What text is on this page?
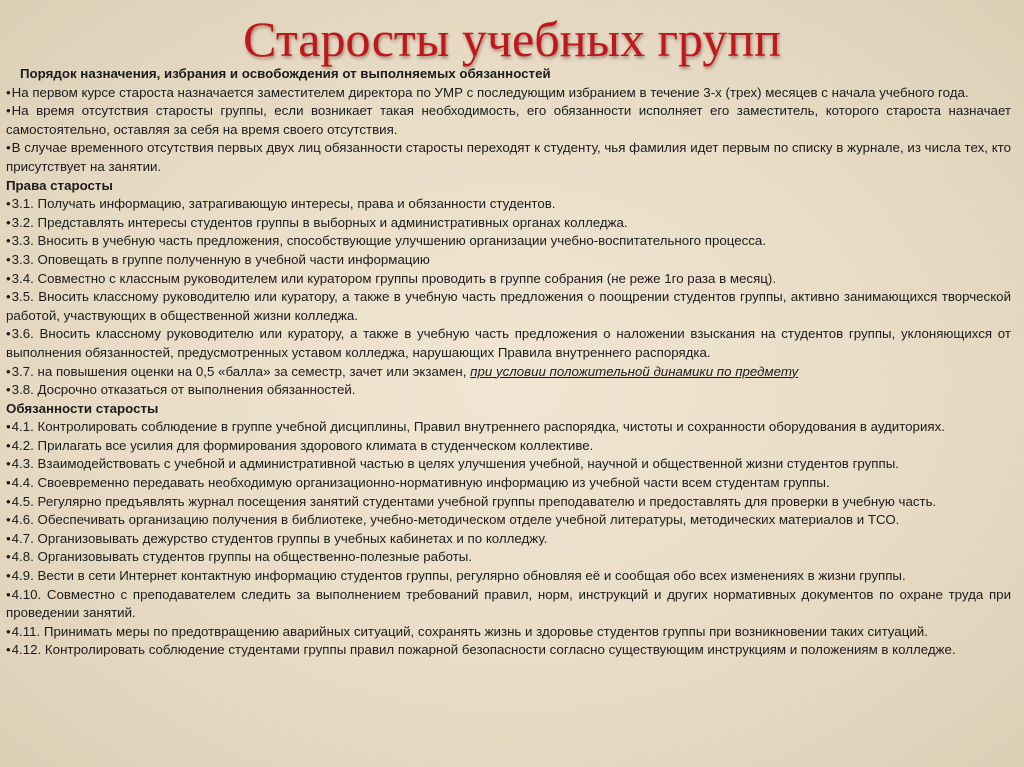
Старосты учебных групп

Порядок назначения, избрания и освобождения от выполняемых обязанностей

•На первом курсе староста назначается заместителем директора по УМР с последующим избранием в течение 3-х (трех) месяцев с начала учебного года.

•На время отсутствия старосты группы, если возникает такая необходимость, его обязанности исполняет его заместитель, которого староста назначает самостоятельно, оставляя за себя на время своего отсутствия.

•В случае временного отсутствия первых двух лиц обязанности старосты переходят к студенту, чья фамилия идет первым по списку в журнале, из числа тех, кто присутствует на занятии.

Права старосты

•3.1. Получать информацию, затрагивающую интересы, права и обязанности студентов.

•3.2. Представлять интересы студентов группы в выборных и административных органах колледжа.

•3.3. Вносить в учебную часть предложения, способствующие улучшению организации учебно-воспитательного процесса.

•3.3. Оповещать в группе полученную в учебной части информацию

•3.4. Совместно с классным руководителем или куратором группы проводить в группе собрания (не реже 1го раза в месяц).

•3.5. Вносить классному руководителю или куратору, а также в учебную часть предложения о поощрении студентов группы, активно занимающихся творческой работой, участвующих в общественной жизни колледжа.

•3.6. Вносить классному руководителю или куратору, а также в учебную часть предложения о наложении взыскания на студентов группы, уклоняющихся от выполнения обязанностей, предусмотренных уставом колледжа, нарушающих Правила внутреннего распорядка.

•3.7. на повышения оценки на 0,5 «балла» за семестр, зачет или экзамен, при условии положительной динамики по предмету

•3.8. Досрочно отказаться от выполнения обязанностей.

Обязанности старосты

•4.1. Контролировать соблюдение в группе учебной дисциплины, Правил внутреннего распорядка, чистоты и сохранности оборудования в аудиториях.

•4.2. Прилагать все усилия для формирования здорового климата в студенческом коллективе.

•4.3. Взаимодействовать с учебной и административной частью в целях улучшения учебной, научной и общественной жизни студентов группы.

•4.4. Своевременно передавать необходимую организационно-нормативную информацию из учебной части всем студентам группы.

•4.5. Регулярно предъявлять журнал посещения занятий студентами учебной группы преподавателю и предоставлять для проверки в учебную часть.

•4.6. Обеспечивать организацию получения в библиотеке, учебно-методическом отделе учебной литературы, методических материалов и ТСО.

•4.7. Организовывать дежурство студентов группы в учебных кабинетах и по колледжу.

•4.8. Организовывать студентов группы на общественно-полезные работы.

•4.9. Вести в сети Интернет контактную информацию студентов группы, регулярно обновляя её и сообщая обо всех изменениях в жизни группы.

•4.10. Совместно с преподавателем следить за выполнением требований правил, норм, инструкций и других нормативных документов по охране труда при проведении занятий.

•4.11. Принимать меры по предотвращению аварийных ситуаций, сохранять жизнь и здоровье студентов группы при возникновении таких ситуаций.

•4.12. Контролировать соблюдение студентами группы правил пожарной безопасности согласно существующим инструкциям и положениям в колледже.
